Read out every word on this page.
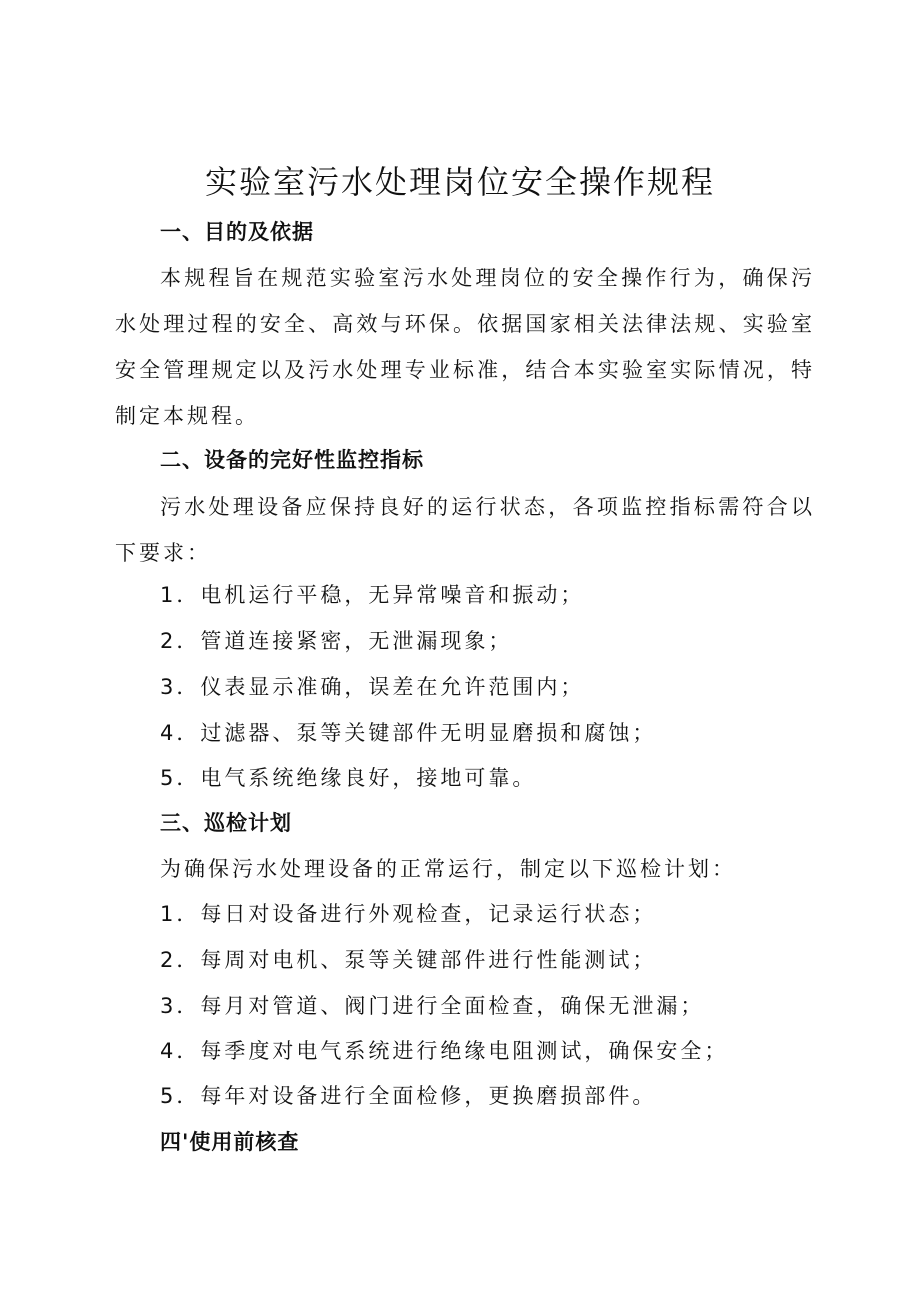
实验室污水处理岗位安全操作规程
一、目的及依据

本规程旨在规范实验室污水处理岗位的安全操作行为，确保污水处理过程的安全、高效与环保。依据国家相关法律法规、实验室安全管理规定以及污水处理专业标准，结合本实验室实际情况，特制定本规程。

二、设备的完好性监控指标

污水处理设备应保持良好的运行状态，各项监控指标需符合以下要求：

1．电机运行平稳，无异常噪音和振动；
2．管道连接紧密，无泄漏现象；
3．仪表显示准确，误差在允许范围内；
4．过滤器、泵等关键部件无明显磨损和腐蚀；
5．电气系统绝缘良好，接地可靠。
三、巡检计划
为确保污水处理设备的正常运行，制定以下巡检计划：
1．每日对设备进行外观检查，记录运行状态；
2．每周对电机、泵等关键部件进行性能测试；
3．每月对管道、阀门进行全面检查，确保无泄漏；
4．每季度对电气系统进行绝缘电阻测试，确保安全；
5．每年对设备进行全面检修，更换磨损部件。
四'使用前核查
